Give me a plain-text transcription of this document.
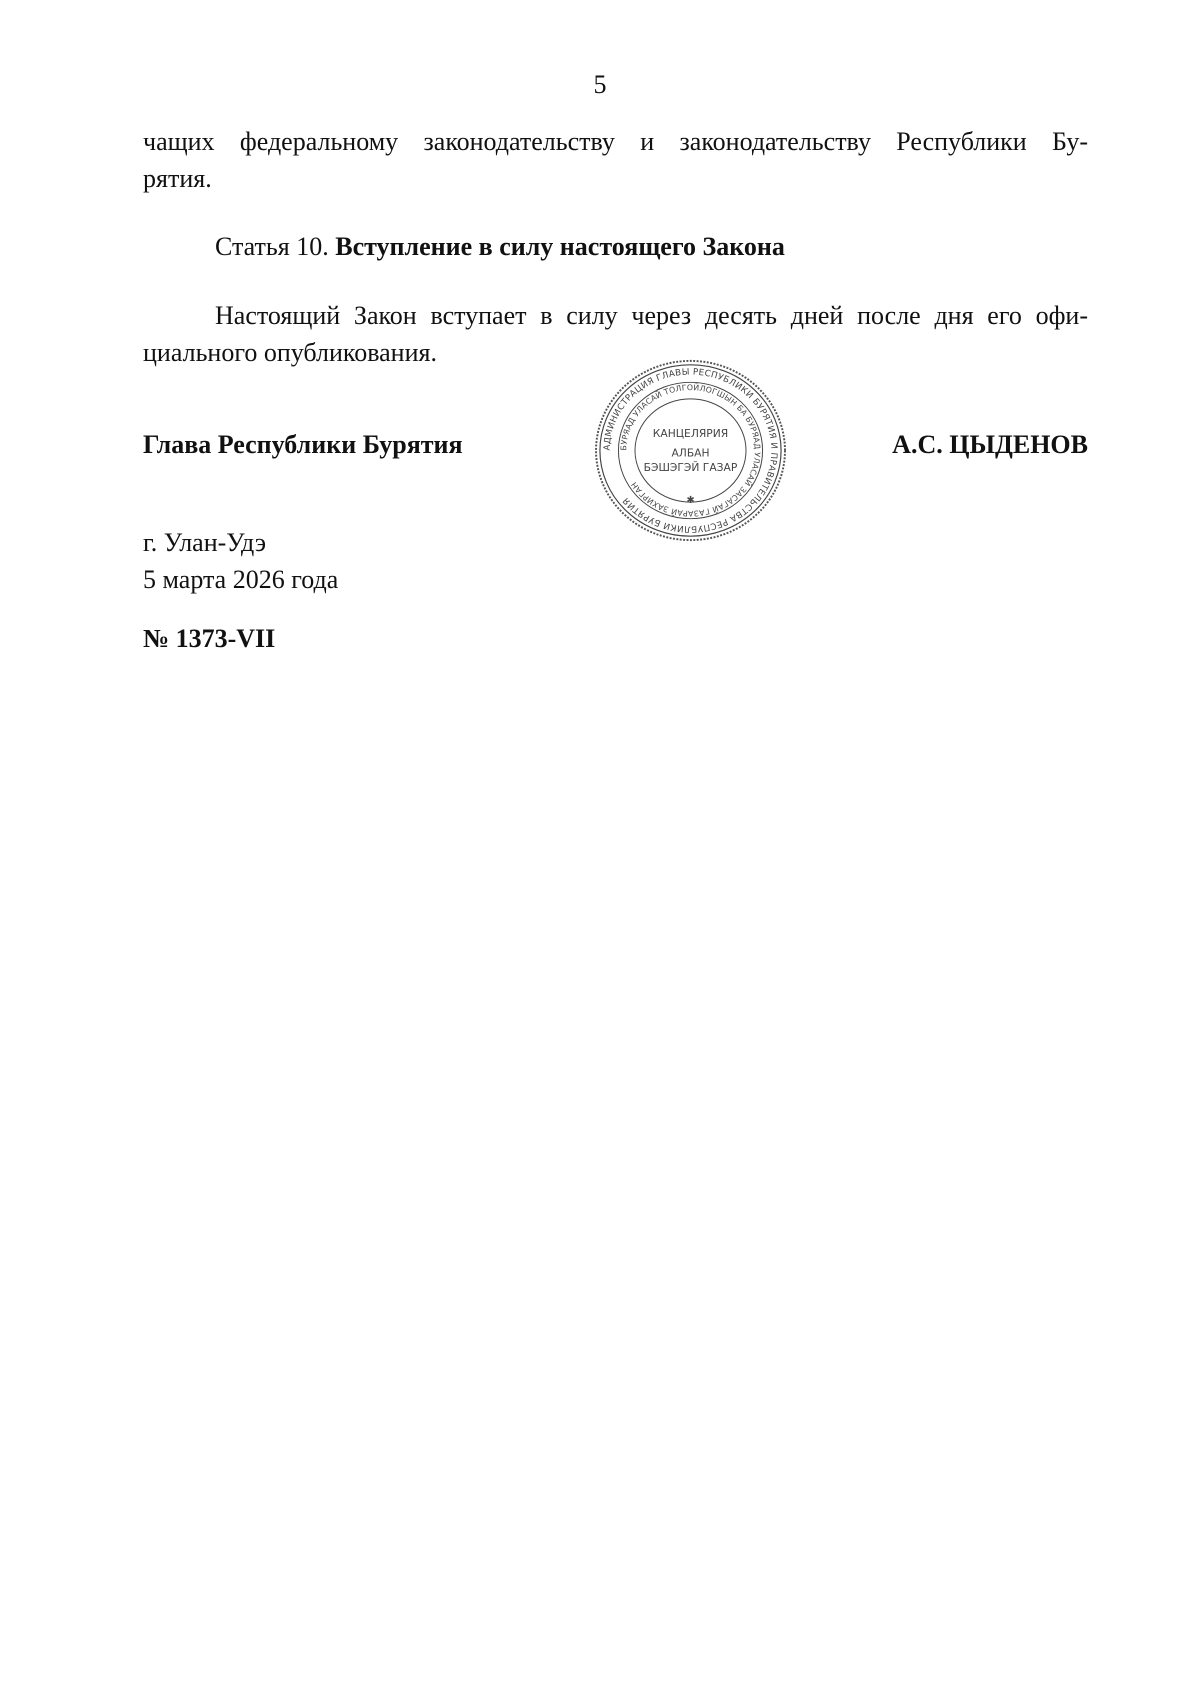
5
чащих федеральному законодательству и законодательству Республики Бу-
рятия.
Статья 10. Вступление в силу настоящего Закона
Настоящий Закон вступает в силу через десять дней после дня его офи-
циального опубликования.
Глава Республики Бурятия	А.С. ЦЫДЕНОВ
АДМИНИСТРАЦИЯ ГЛАВЫ РЕСПУБЛИКИ БУРЯТИЯ И ПРАВИТЕЛЬСТВА РЕСПУБЛИКИ БУРЯТИЯ
БУРЯАД УЛАСАЙ ТОЛГОЙЛОГШЫН БА БУРЯАД УЛАСАЙ ЗАСАГАЙ ГАЗАРАЙ ЗАХИРГАН
КАНЦЕЛЯРИЯ
АЛБАН
БЭШЭГЭЙ ГАЗАР
✱
г. Улан-Удэ
5 марта 2026 года
№ 1373-VII
